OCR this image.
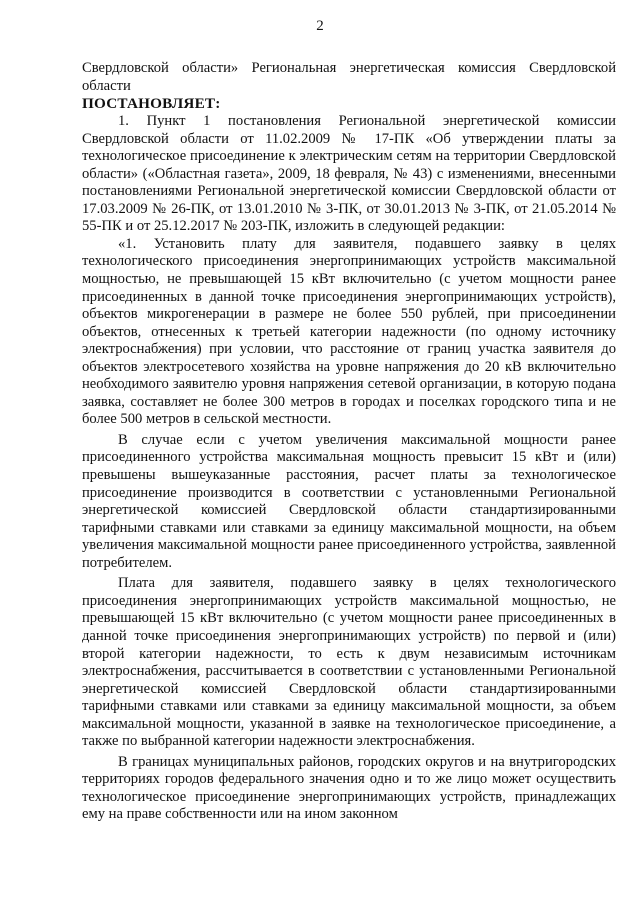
2

Свердловской области» Региональная энергетическая комиссия Свердловской области

ПОСТАНОВЛЯЕТ:

1. Пункт 1 постановления Региональной энергетической комиссии Свердловской области от 11.02.2009 № 17-ПК «Об утверждении платы за технологическое присоединение к электрическим сетям на территории Свердловской области» («Областная газета», 2009, 18 февраля, № 43) с изменениями, внесенными постановлениями Региональной энергетической комиссии Свердловской области от 17.03.2009 № 26-ПК, от 13.01.2010 № 3-ПК, от 30.01.2013 № 3-ПК, от 21.05.2014 № 55-ПК и от 25.12.2017 № 203-ПК, изложить в следующей редакции:

«1. Установить плату для заявителя, подавшего заявку в целях технологического присоединения энергопринимающих устройств максимальной мощностью, не превышающей 15 кВт включительно (с учетом мощности ранее присоединенных в данной точке присоединения энергопринимающих устройств), объектов микрогенерации в размере не более 550 рублей, при присоединении объектов, отнесенных к третьей категории надежности (по одному источнику электроснабжения) при условии, что расстояние от границ участка заявителя до объектов электросетевого хозяйства на уровне напряжения до 20 кВ включительно необходимого заявителю уровня напряжения сетевой организации, в которую подана заявка, составляет не более 300 метров в городах и поселках городского типа и не более 500 метров в сельской местности.

В случае если с учетом увеличения максимальной мощности ранее присоединенного устройства максимальная мощность превысит 15 кВт и (или) превышены вышеуказанные расстояния, расчет платы за технологическое присоединение производится в соответствии с установленными Региональной энергетической комиссией Свердловской области стандартизированными тарифными ставками или ставками за единицу максимальной мощности, на объем увеличения максимальной мощности ранее присоединенного устройства, заявленной потребителем.

Плата для заявителя, подавшего заявку в целях технологического присоединения энергопринимающих устройств максимальной мощностью, не превышающей 15 кВт включительно (с учетом мощности ранее присоединенных в данной точке присоединения энергопринимающих устройств) по первой и (или) второй категории надежности, то есть к двум независимым источникам электроснабжения, рассчитывается в соответствии с установленными Региональной энергетической комиссией Свердловской области стандартизированными тарифными ставками или ставками за единицу максимальной мощности, за объем максимальной мощности, указанной в заявке на технологическое присоединение, а также по выбранной категории надежности электроснабжения.

В границах муниципальных районов, городских округов и на внутригородских территориях городов федерального значения одно и то же лицо может осуществить технологическое присоединение энергопринимающих устройств, принадлежащих ему на праве собственности или на ином законном
